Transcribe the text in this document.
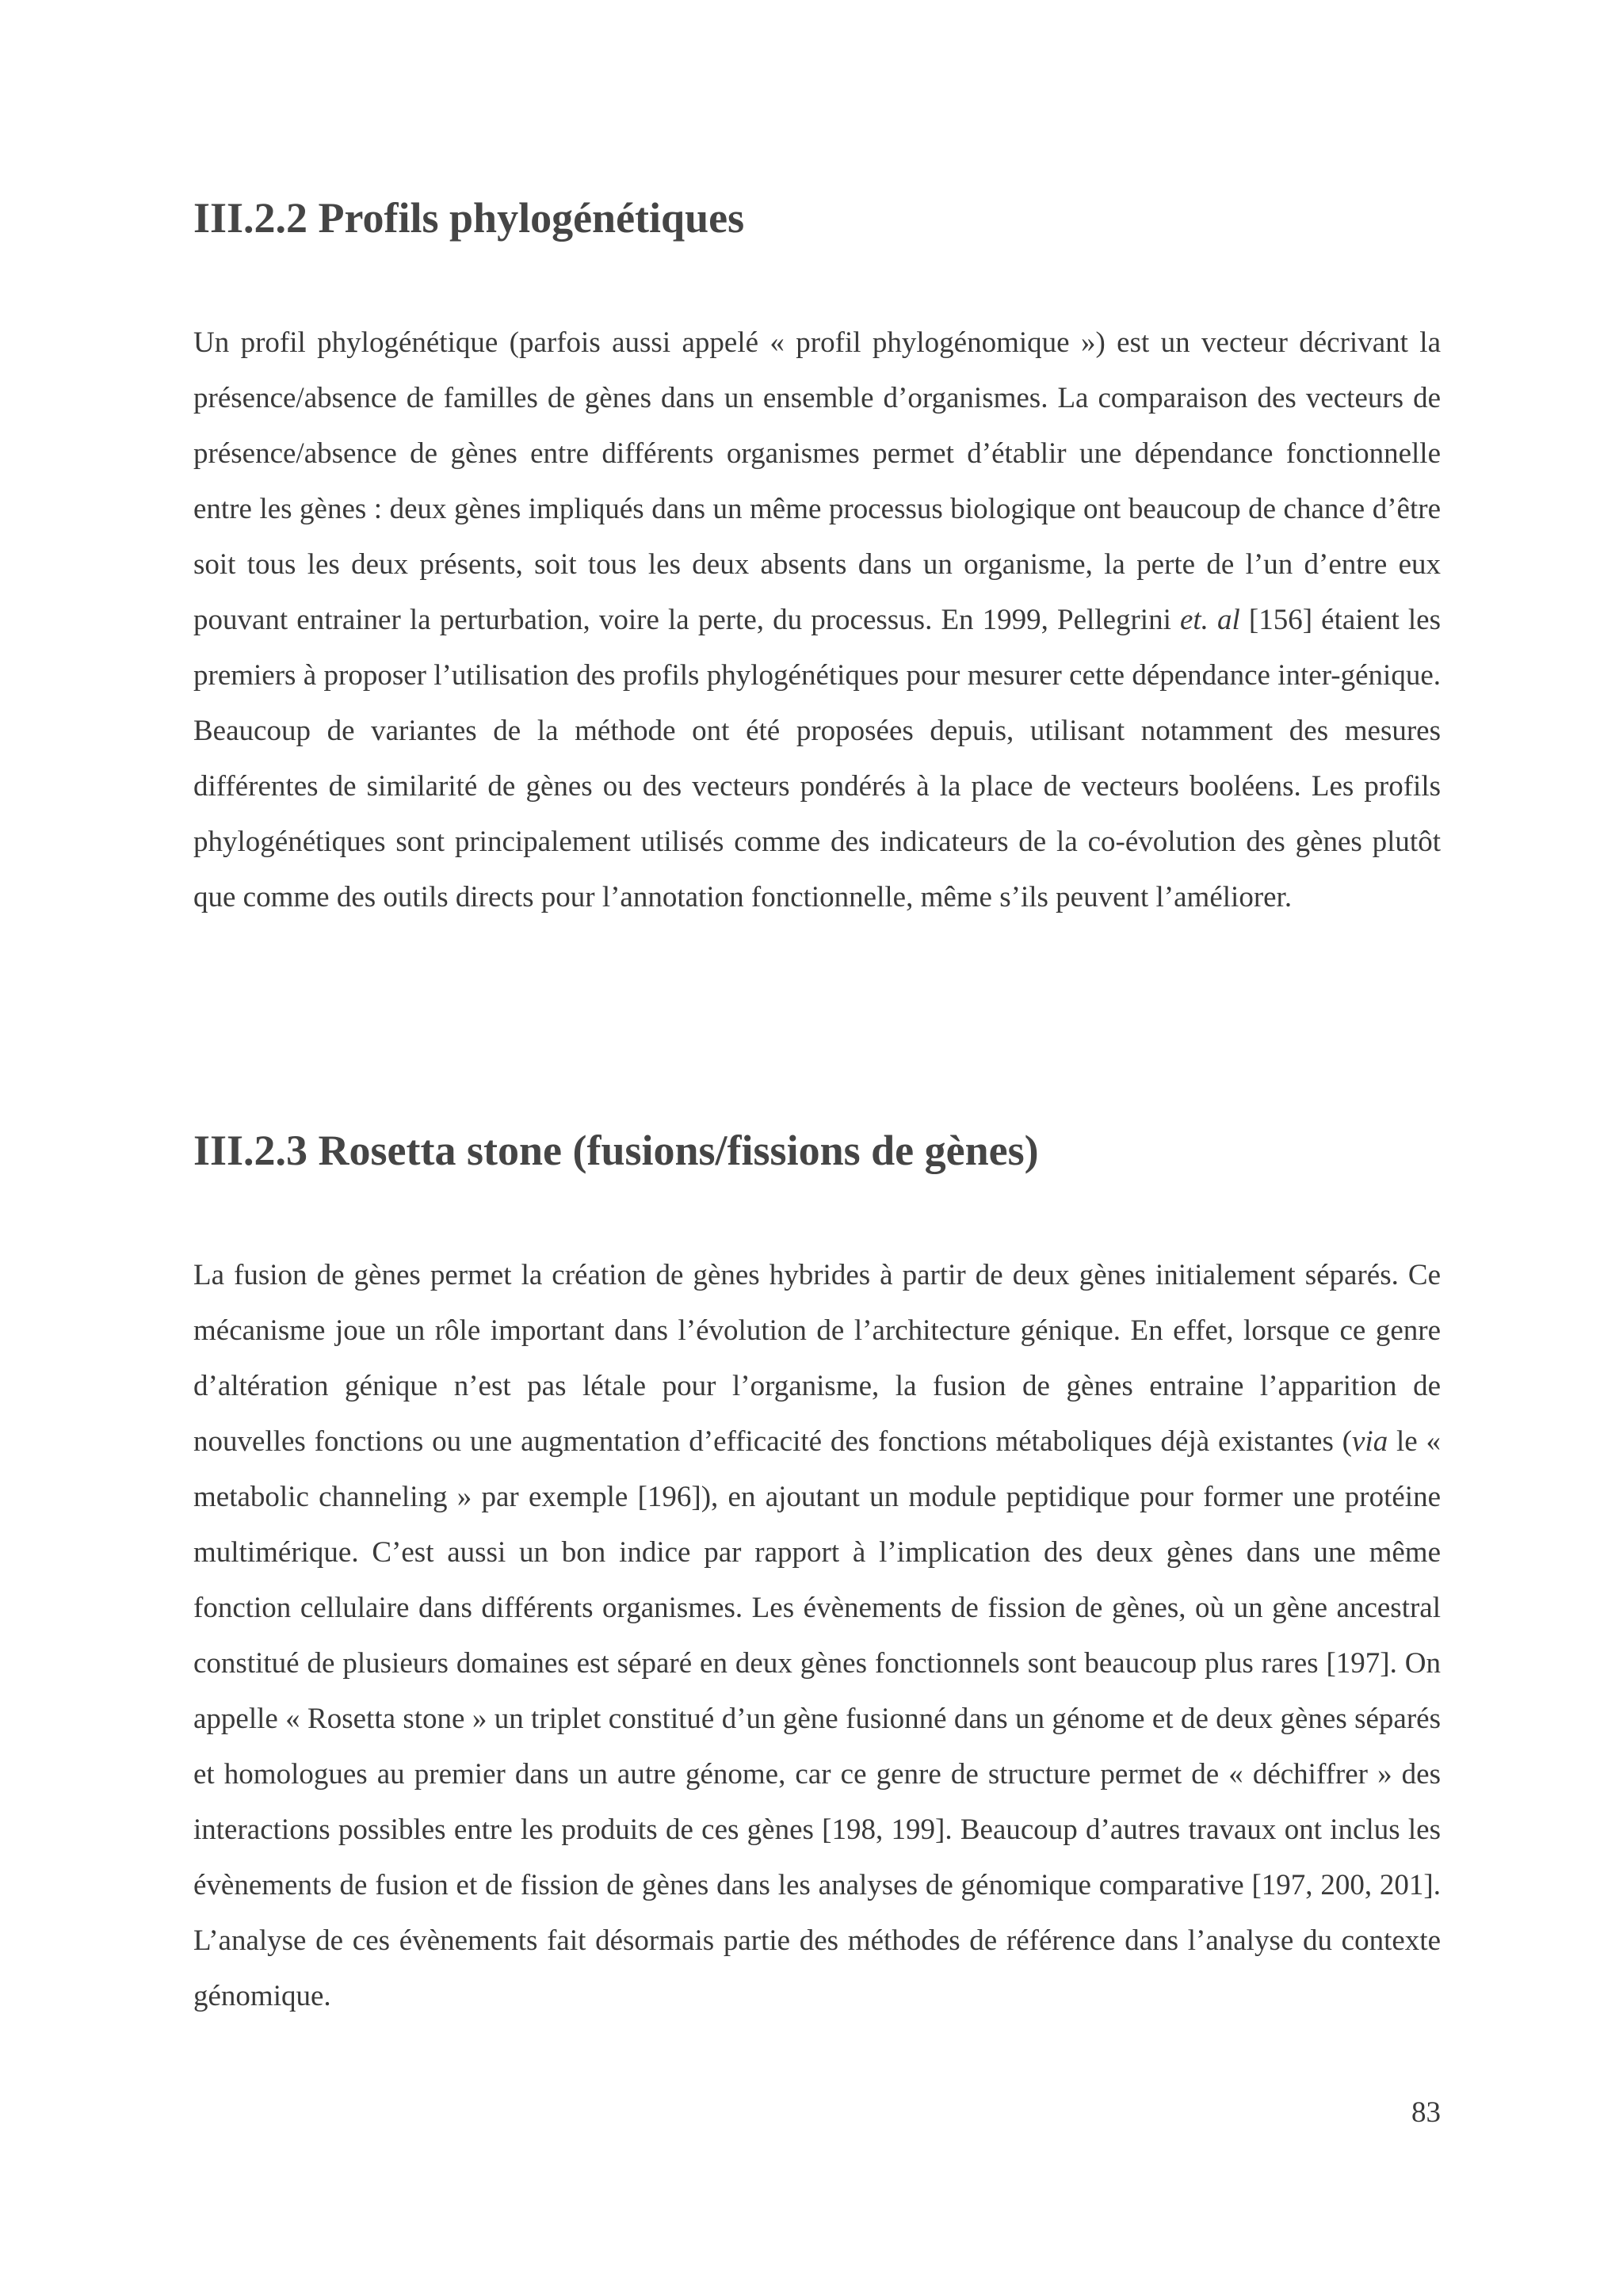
III.2.2 Profils phylogénétiques

Un profil phylogénétique (parfois aussi appelé « profil phylogénomique ») est un vecteur décrivant la présence/absence de familles de gènes dans un ensemble d’organismes. La comparaison des vecteurs de présence/absence de gènes entre différents organismes permet d’établir une dépendance fonctionnelle entre les gènes : deux gènes impliqués dans un même processus biologique ont beaucoup de chance d’être soit tous les deux présents, soit tous les deux absents dans un organisme, la perte de l’un d’entre eux pouvant entrainer la perturbation, voire la perte, du processus. En 1999, Pellegrini et. al [156] étaient les premiers à proposer l’utilisation des profils phylogénétiques pour mesurer cette dépendance inter-génique. Beaucoup de variantes de la méthode ont été proposées depuis, utilisant notamment des mesures différentes de similarité de gènes ou des vecteurs pondérés à la place de vecteurs booléens. Les profils phylogénétiques sont principalement utilisés comme des indicateurs de la co-évolution des gènes plutôt que comme des outils directs pour l’annotation fonctionnelle, même s’ils peuvent l’améliorer.

III.2.3 Rosetta stone (fusions/fissions de gènes)

La fusion de gènes permet la création de gènes hybrides à partir de deux gènes initialement séparés. Ce mécanisme joue un rôle important dans l’évolution de l’architecture génique. En effet, lorsque ce genre d’altération génique n’est pas létale pour l’organisme, la fusion de gènes entraine l’apparition de nouvelles fonctions ou une augmentation d’efficacité des fonctions métaboliques déjà existantes (via le « metabolic channeling » par exemple [196]), en ajoutant un module peptidique pour former une protéine multimérique. C’est aussi un bon indice par rapport à l’implication des deux gènes dans une même fonction cellulaire dans différents organismes. Les évènements de fission de gènes, où un gène ancestral constitué de plusieurs domaines est séparé en deux gènes fonctionnels sont beaucoup plus rares [197]. On appelle « Rosetta stone » un triplet constitué d’un gène fusionné dans un génome et de deux gènes séparés et homologues au premier dans un autre génome, car ce genre de structure permet de « déchiffrer » des interactions possibles entre les produits de ces gènes [198, 199]. Beaucoup d’autres travaux ont inclus les évènements de fusion et de fission de gènes dans les analyses de génomique comparative [197, 200, 201]. L’analyse de ces évènements fait désormais partie des méthodes de référence dans l’analyse du contexte génomique.

83
